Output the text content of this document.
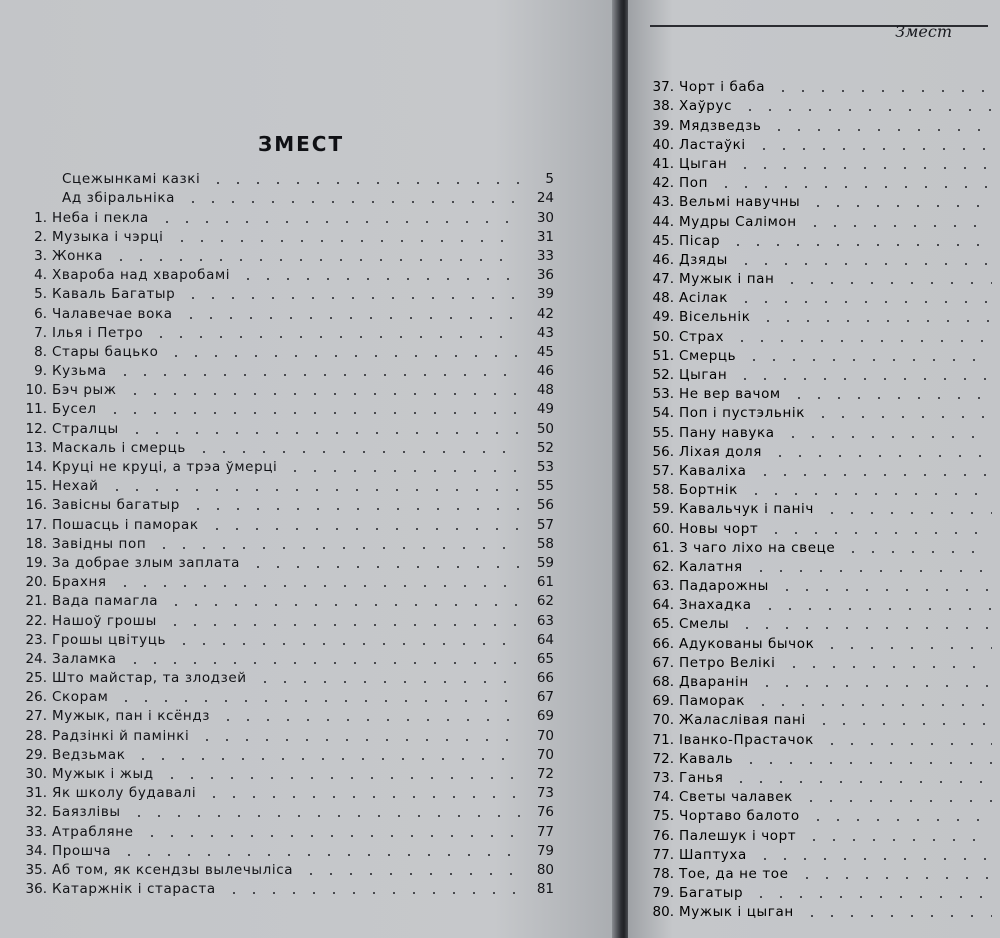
ЗМЕСТ
Сцежынкамі казкі	5
Ад збіральніка	24
1. Неба і пекла	30
2. Музыка і чэрці	31
3. Жонка	33
4. Хвароба над хваробамі	36
5. Каваль Багатыр	39
6. Чалавечае вока	42
7. Ілья і Петро	43
8. Стары бацько	45
9. Кузьма	46
10. Бэч рыж	48
11. Бусел	49
12. Стралцы	50
13. Маскаль і смерць	52
14. Круці не круці, а трэа ўмерці	53
15. Нехай	55
16. Завісны багатыр	56
17. Пошасць і паморак	57
18. Завідны поп	58
19. За добрае злым заплата	59
20. Брахня	61
21. Вада памагла	62
22. Нашоў грошы	63
23. Грошы цвітуць	64
24. Заламка	65
25. Што майстар, та злодзей	66
26. Скорам	67
27. Мужык, пан і ксёндз	69
28. Радзінкі й памінкі	70
29. Ведзьмак	70
30. Мужык і жыд	72
31. Як школу будавалі	73
32. Баязлівы	76
33. Атрабляне	77
34. Прошча	79
35. Аб том, як ксендзы вылечыліса	80
36. Катаржнік і стараста	81
Змест
37. Чорт і баба
38. Хаўрус
39. Мядзведзь
40. Ластаўкі
41. Цыган
42. Поп
43. Вельмі навучны
44. Мудры Салімон
45. Пісар
46. Дзяды
47. Мужык і пан
48. Асілак
49. Вісельнік
50. Страх
51. Смерць
52. Цыган
53. Не вер вачом
54. Поп і пустэльнік
55. Пану навука
56. Ліхая доля
57. Каваліха
58. Бортнік
59. Кавальчук і паніч
60. Новы чорт
61. З чаго ліхо на свеце
62. Калатня
63. Падарожны
64. Знахадка
65. Смелы
66. Адукованы бычок
67. Петро Велікі
68. Дваранін
69. Паморак
70. Жаласлівая пані
71. Іванко-Прастачок
72. Каваль
73. Ганья
74. Светы чалавек
75. Чортаво балото
76. Палешук і чорт
77. Шаптуха
78. Тое, да не тое
79. Багатыр
80. Мужык і цыган
